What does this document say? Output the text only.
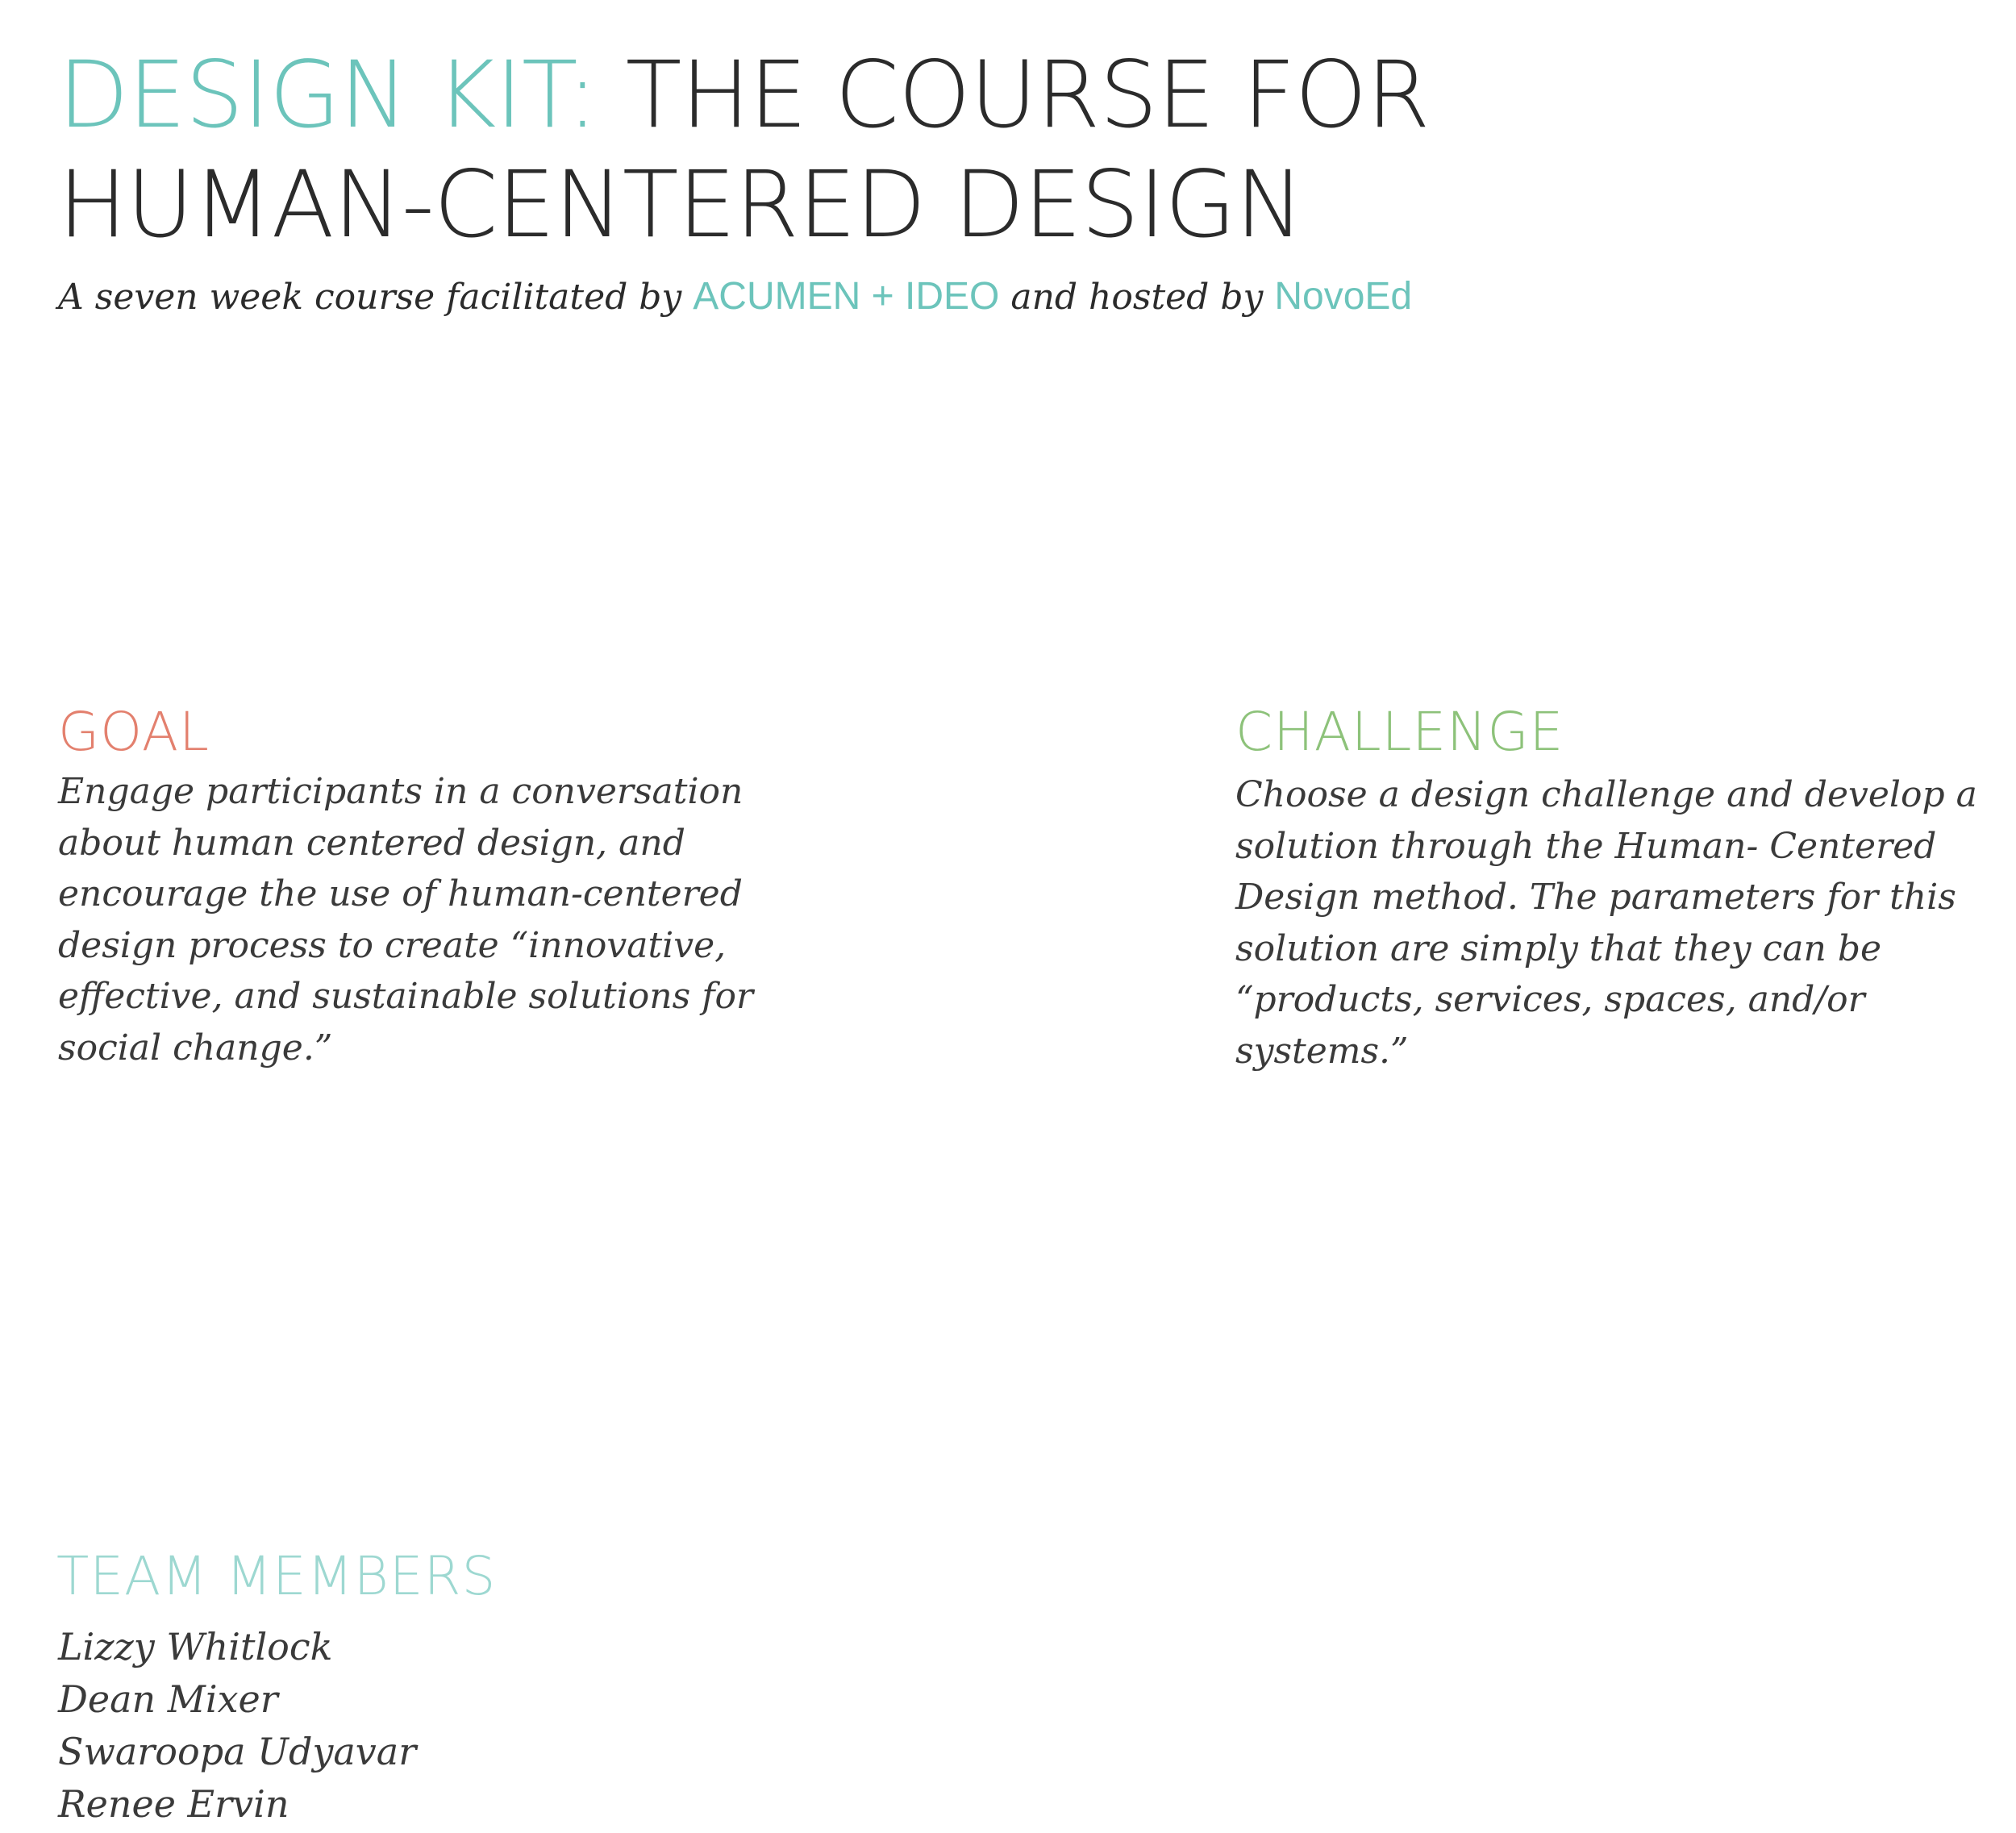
DESIGN KIT: THE COURSE FOR
HUMAN-CENTERED DESIGN

A seven week course facilitated by ACUMEN + IDEO and hosted by NovoEd

GOAL

Engage participants in a conversation about human centered design, and encourage the use of human-centered design process to create “innovative, effective, and sustainable solutions for social change.”

CHALLENGE

Choose a design challenge and develop a solution through the Human- Centered Design method. The parameters for this solution are simply that they can be “products, services, spaces, and/or systems.”

TEAM MEMBERS
Lizzy Whitlock
Dean Mixer
Swaroopa Udyavar
Renee Ervin
